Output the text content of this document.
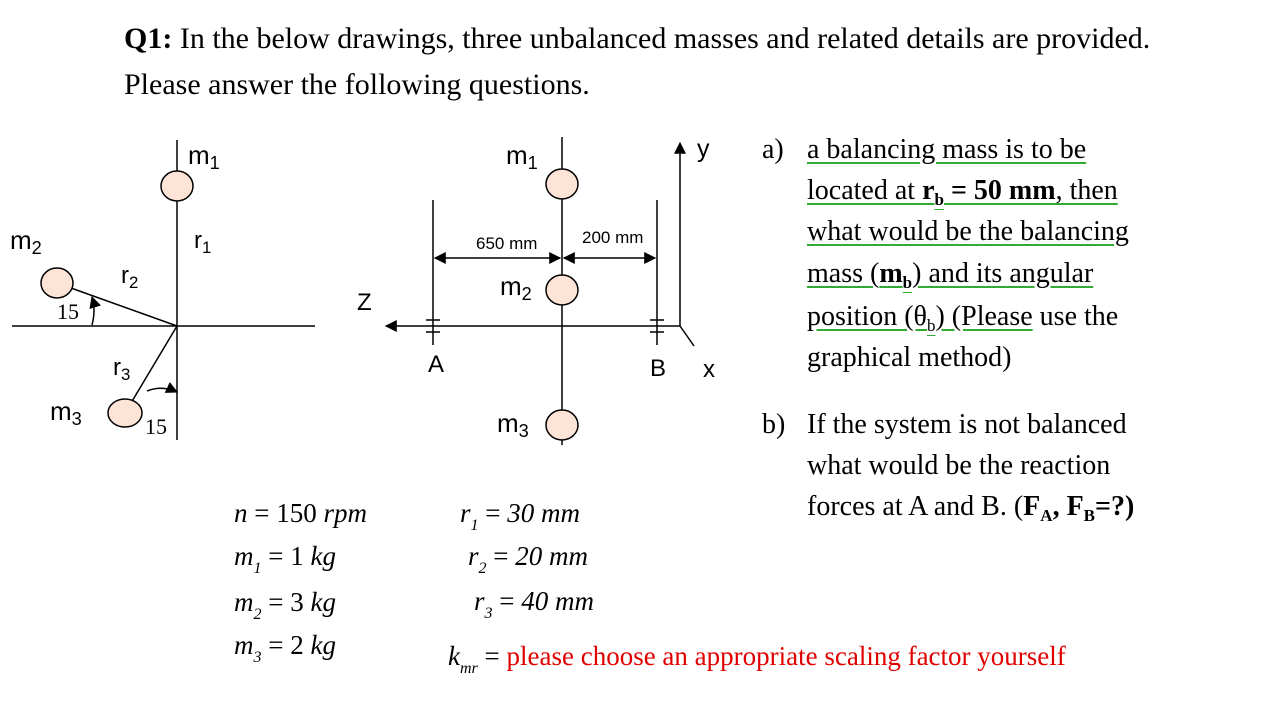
Q1: In the below drawings, three unbalanced masses and related details are provided.
Please answer the following questions.
m1
$r_1$
m2
$r_2$
15
$r_3$
m3	15
m1
m2
m3
650 mm	200 mm
Z
y
x
A	B
n = 150 rpm
$m_1 = 1$ kg
$m_2 = 3$ kg
$m_3 = 2$ kg
$r_1 = 30$ mm
$r_2 = 20$ mm
$r_3 = 40$ mm
$k_{mr}$ = please choose an appropriate scaling factor yourself
a) a balancing mass is to be
located at $r_b = 50$ mm, then
what would be the balancing
mass $(m_b)$ and its angular
position $(\theta_b)$ (Please use the
graphical method)
b) If the system is not balanced
what would be the reaction
forces at A and B. ($F_A$, $F_B=$?)
